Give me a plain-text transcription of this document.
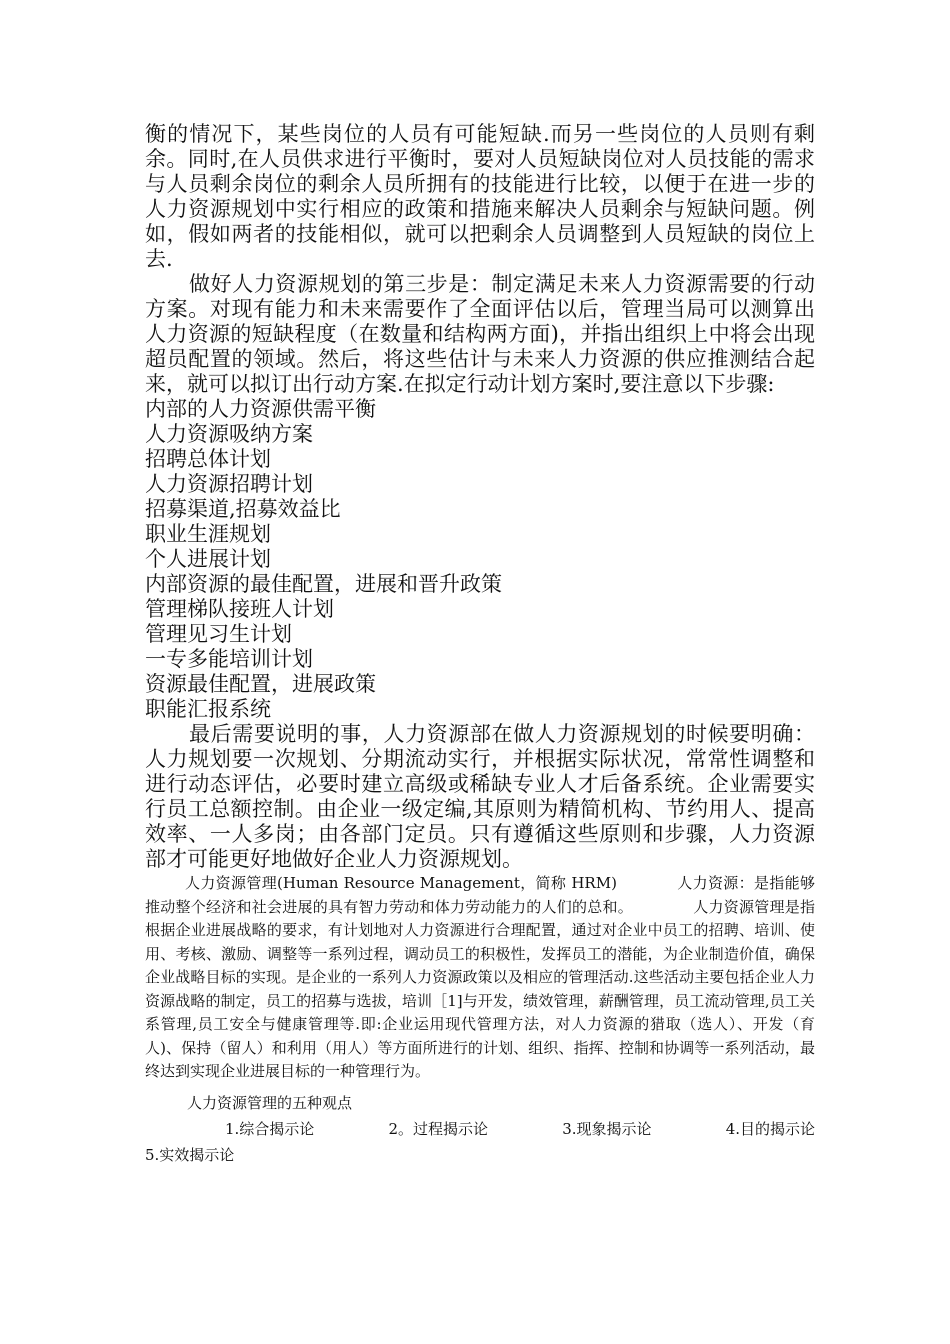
衡的情况下，某些岗位的人员有可能短缺.而另一些岗位的人员则有剩余。同时,在人员供求进行平衡时，要对人员短缺岗位对人员技能的需求与人员剩余岗位的剩余人员所拥有的技能进行比较，以便于在进一步的人力资源规划中实行相应的政策和措施来解决人员剩余与短缺问题。例如，假如两者的技能相似，就可以把剩余人员调整到人员短缺的岗位上去.

做好人力资源规划的第三步是：制定满足未来人力资源需要的行动方案。对现有能力和未来需要作了全面评估以后，管理当局可以测算出人力资源的短缺程度（在数量和结构两方面)，并指出组织上中将会出现超员配置的领域。然后，将这些估计与未来人力资源的供应推测结合起来，就可以拟订出行动方案.在拟定行动计划方案时,要注意以下步骤:

内部的人力资源供需平衡

人力资源吸纳方案

招聘总体计划

人力资源招聘计划

招募渠道,招募效益比

职业生涯规划

个人进展计划

内部资源的最佳配置，进展和晋升政策

管理梯队接班人计划

管理见习生计划

一专多能培训计划

资源最佳配置，进展政策

职能汇报系统

最后需要说明的事，人力资源部在做人力资源规划的时候要明确：人力规划要一次规划、分期流动实行，并根据实际状况，常常性调整和进行动态评估，必要时建立高级或稀缺专业人才后备系统。企业需要实行员工总额控制。由企业一级定编,其原则为精简机构、节约用人、提高效率、一人多岗；由各部门定员。只有遵循这些原则和步骤，人力资源部才可能更好地做好企业人力资源规划。

人力资源管理(Human Resource Management，简称 HRM)	人力资源：是指能够推动整个经济和社会进展的具有智力劳动和体力劳动能力的人们的总和。	人力资源管理是指根据企业进展战略的要求，有计划地对人力资源进行合理配置，通过对企业中员工的招聘、培训、使用、考核、激励、调整等一系列过程，调动员工的积极性，发挥员工的潜能，为企业制造价值，确保企业战略目标的实现。是企业的一系列人力资源政策以及相应的管理活动.这些活动主要包括企业人力资源战略的制定，员工的招募与选拔，培训［1]与开发，绩效管理，薪酬管理，员工流动管理,员工关系管理,员工安全与健康管理等.即:企业运用现代管理方法，对人力资源的猎取（选人）、开发（育人)、保持（留人）和利用（用人）等方面所进行的计划、组织、指挥、控制和协调等一系列活动，最终达到实现企业进展目标的一种管理行为。

人力资源管理的五种观点

1.综合揭示论	2。过程揭示论	3.现象揭示论	4.目的揭示论

5.实效揭示论
